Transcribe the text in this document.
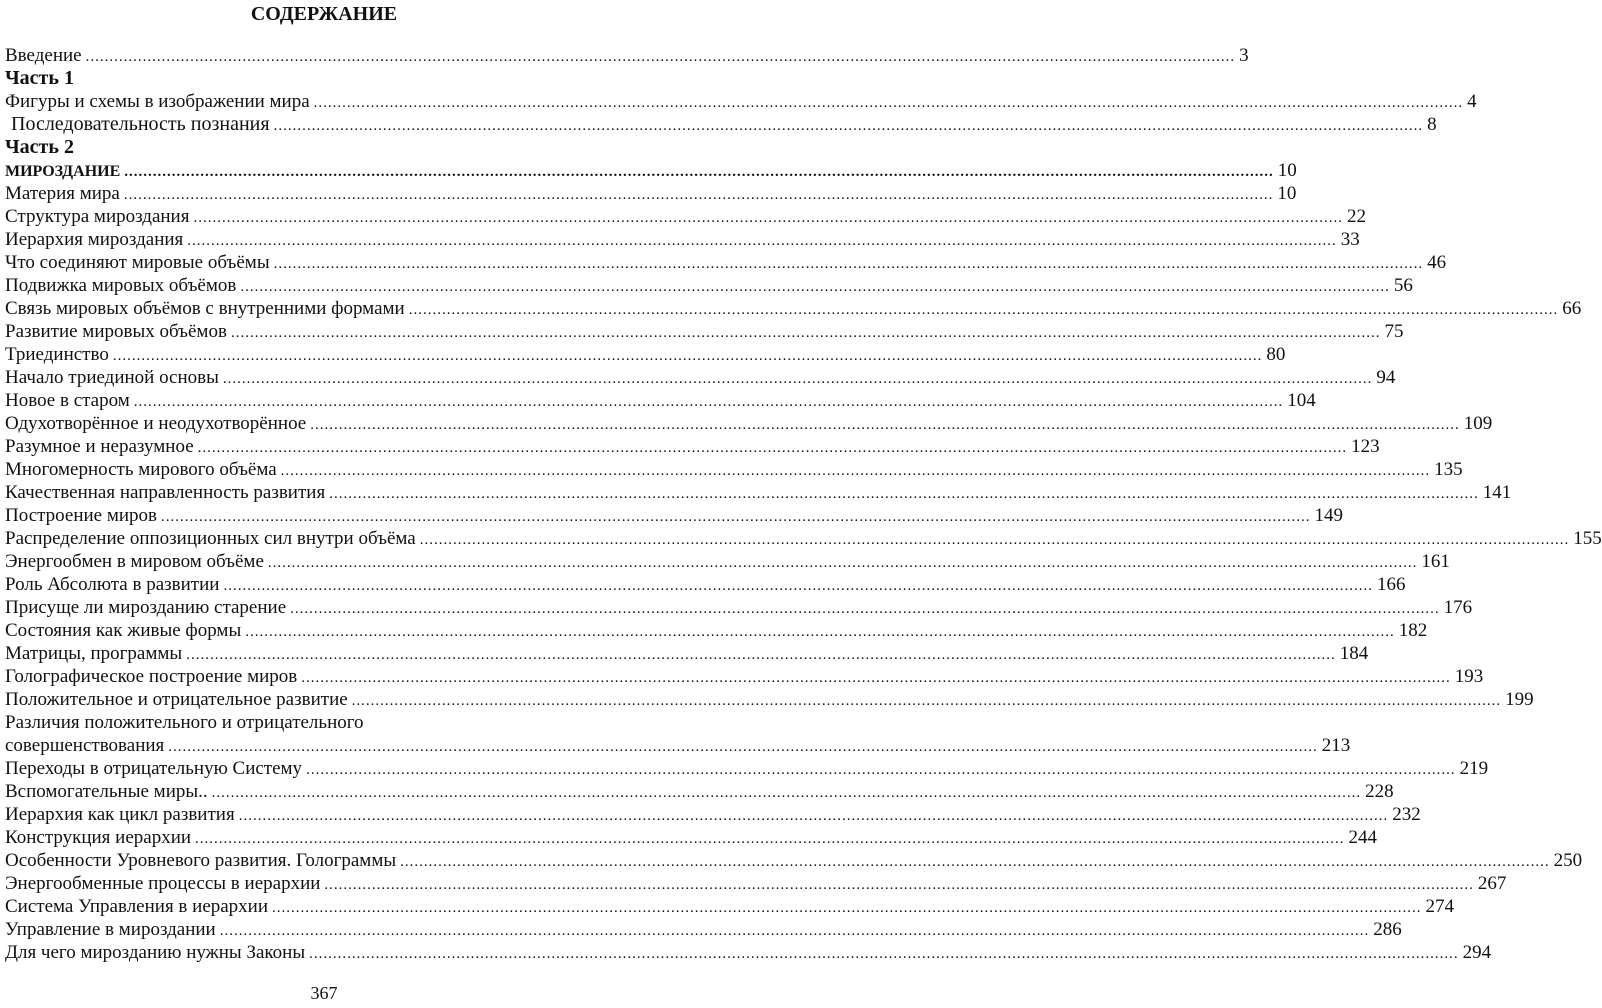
СОДЕРЖАНИЕ
Введение .....	3
Часть 1
Фигуры и схемы в изображении мира .....	4
Последовательность познания .....	8
Часть 2
МИРОЗДАНИЕ .....	10
Материя мира .....	10
Структура мироздания .....	22
Иерархия мироздания .....	33
Что соединяют мировые объёмы .....	46
Подвижка мировых объёмов .....	56
Связь мировых объёмов с внутренними формами .....	66
Развитие мировых объёмов .....	75
Триединство .....	80
Начало триединой основы .....	94
Новое в старом .....	104
Одухотворённое и неодухотворённое .....	109
Разумное и неразумное .....	123
Многомерность мирового объёма .....	135
Качественная направленность развития .....	141
Построение миров .....	149
Распределение оппозиционных сил внутри объёма .....	155
Энергообмен в мировом объёме .....	161
Роль Абсолюта в развитии .....	166
Присуще ли мирозданию старение .....	176
Состояния как живые формы .....	182
Матрицы, программы .....	184
Голографическое построение миров .....	193
Положительное и отрицательное развитие .....	199
Различия положительного и отрицательного
совершенствования .....	213
Переходы в отрицательную Систему .....	219
Вспомогательные миры.. .....	228
Иерархия как цикл развития .....	232
Конструкция иерархии .....	244
Особенности Уровневого развития. Голограммы .....	250
Энергообменные процессы в иерархии .....	267
Система Управления в иерархии .....	274
Управление в мироздании .....	286
Для чего мирозданию нужны Законы .....	294
367
